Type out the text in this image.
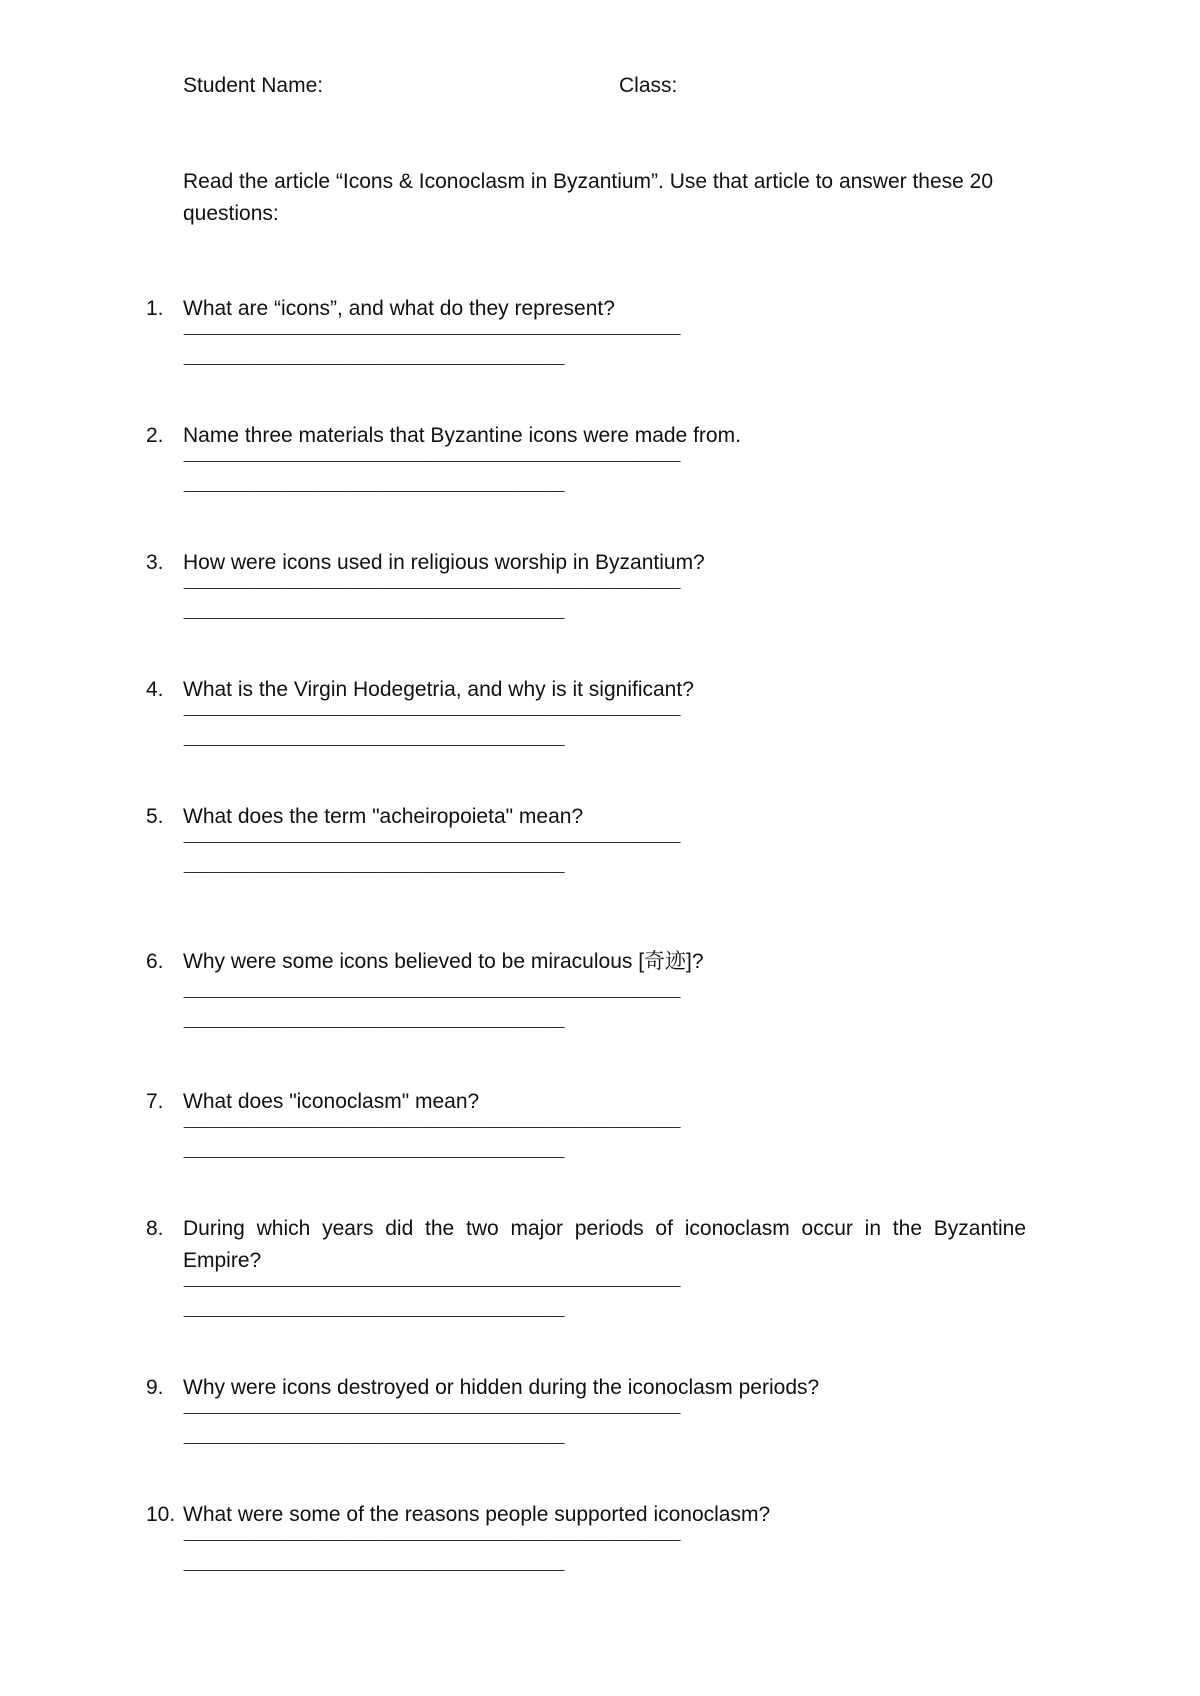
Student Name:	Class:
Read the article “Icons & Iconoclasm in Byzantium”. Use that article to answer these 20 questions:
1. What are “icons”, and what do they represent?
———————————————————————————————————————————————
————————————————————————————————————
2. Name three materials that Byzantine icons were made from.
———————————————————————————————————————————————
————————————————————————————————————
3. How were icons used in religious worship in Byzantium?
———————————————————————————————————————————————
————————————————————————————————————
4. What is the Virgin Hodegetria, and why is it significant?
———————————————————————————————————————————————
————————————————————————————————————
5. What does the term "acheiropoieta" mean?
———————————————————————————————————————————————
————————————————————————————————————
6. Why were some icons believed to be miraculous [奇迹]?
———————————————————————————————————————————————
————————————————————————————————————
7. What does "iconoclasm" mean?
———————————————————————————————————————————————
————————————————————————————————————
8. During which years did the two major periods of iconoclasm occur in the Byzantine Empire?
———————————————————————————————————————————————
————————————————————————————————————
9. Why were icons destroyed or hidden during the iconoclasm periods?
———————————————————————————————————————————————
————————————————————————————————————
10. What were some of the reasons people supported iconoclasm?
———————————————————————————————————————————————
————————————————————————————————————
